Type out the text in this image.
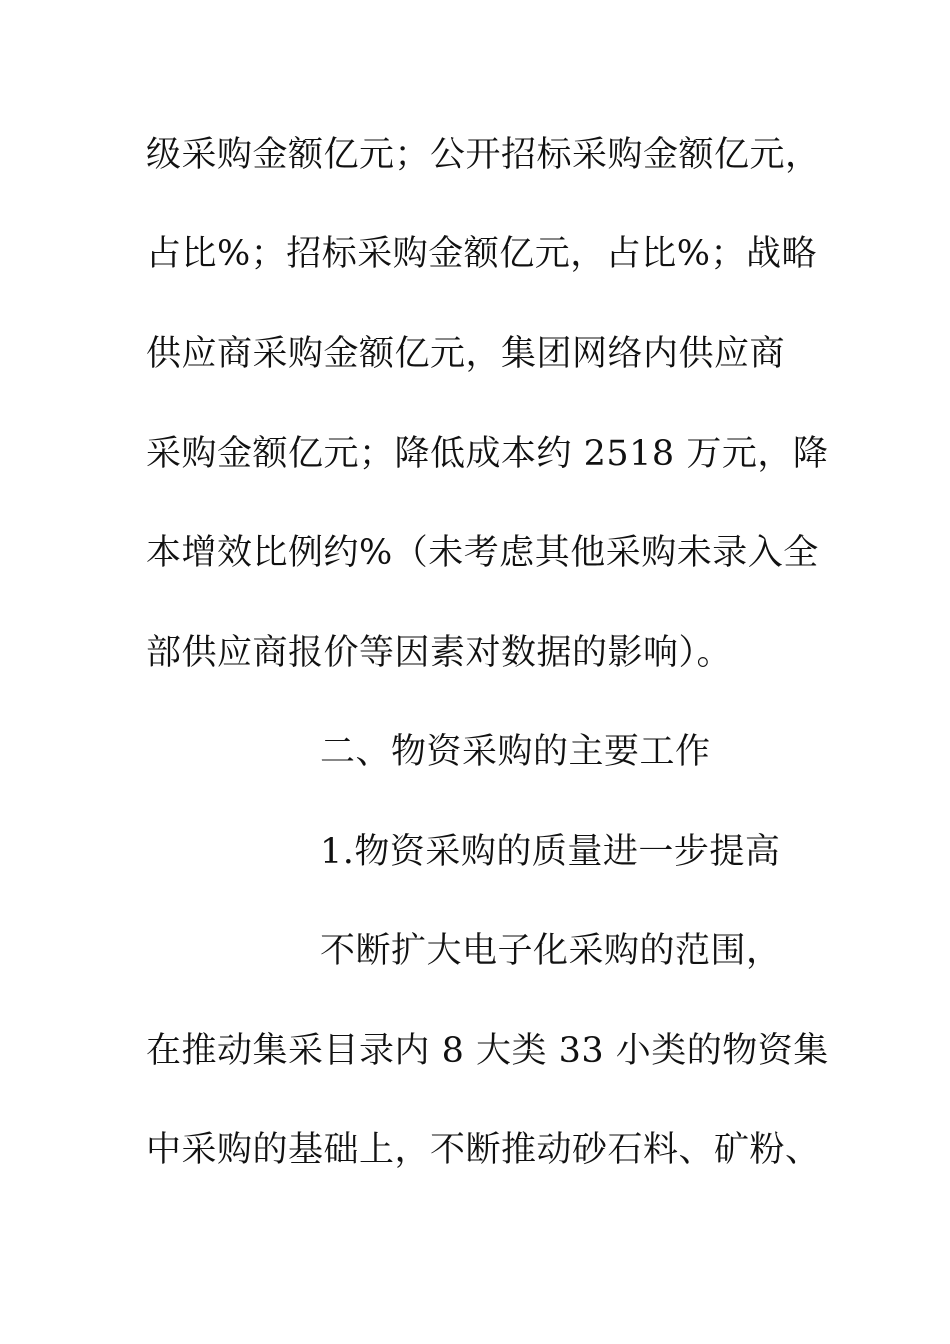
级采购金额亿元；公开招标采购金额亿元，
占比%；招标采购金额亿元，占比%；战略
供应商采购金额亿元，集团网络内供应商
采购金额亿元；降低成本约 2518 万元，降
本增效比例约%（未考虑其他采购未录入全
部供应商报价等因素对数据的影响）。
二、物资采购的主要工作
1.物资采购的质量进一步提高
不断扩大电子化采购的范围，
在推动集采目录内 8 大类 33 小类的物资集
中采购的基础上，不断推动砂石料、矿粉、
